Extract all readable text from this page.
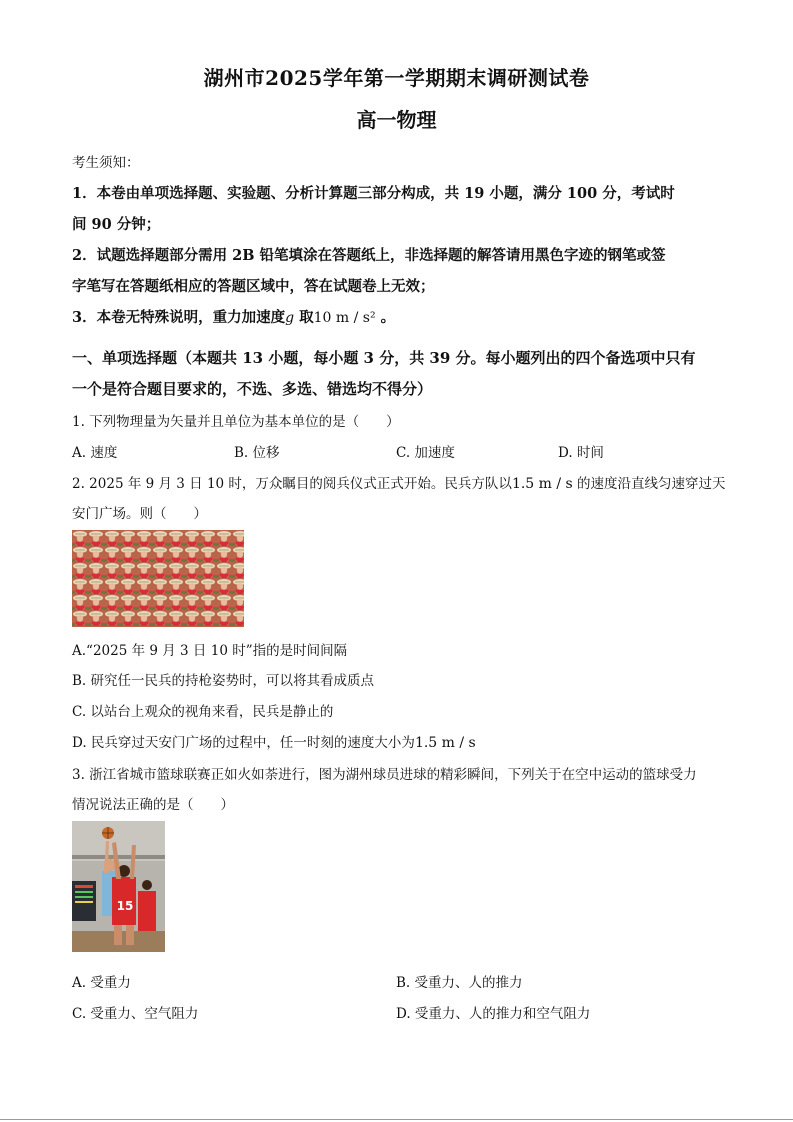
湖州市2025学年第一学期期末调研测试卷
高一物理
考生须知：
1．本卷由单项选择题、实验题、分析计算题三部分构成，共 19 小题，满分 100 分，考试时
间 90 分钟；
2．试题选择题部分需用 2B 铅笔填涂在答题纸上，非选择题的解答请用黑色字迹的钢笔或签
字笔写在答题纸相应的答题区域中，答在试题卷上无效；
3．本卷无特殊说明，重力加速度g 取10 m / s² 。
一、单项选择题（本题共 13 小题，每小题 3 分，共 39 分。每小题列出的四个备选项中只有
一个是符合题目要求的，不选、多选、错选均不得分）
1. 下列物理量为矢量并且单位为基本单位的是（　　）
A. 速度	B. 位移	C. 加速度	D. 时间
2. 2025 年 9 月 3 日 10 时，万众瞩目的阅兵仪式正式开始。民兵方队以1.5 m / s 的速度沿直线匀速穿过天
安门广场。则（　　）
A.“2025 年 9 月 3 日 10 时”指的是时间间隔
B. 研究任一民兵的持枪姿势时，可以将其看成质点
C. 以站台上观众的视角来看，民兵是静止的
D. 民兵穿过天安门广场的过程中，任一时刻的速度大小为1.5 m / s
3. 浙江省城市篮球联赛正如火如荼进行，图为湖州球员进球的精彩瞬间，下列关于在空中运动的篮球受力
情况说法正确的是（　　）
15
A. 受重力	B. 受重力、人的推力
C. 受重力、空气阻力	D. 受重力、人的推力和空气阻力
